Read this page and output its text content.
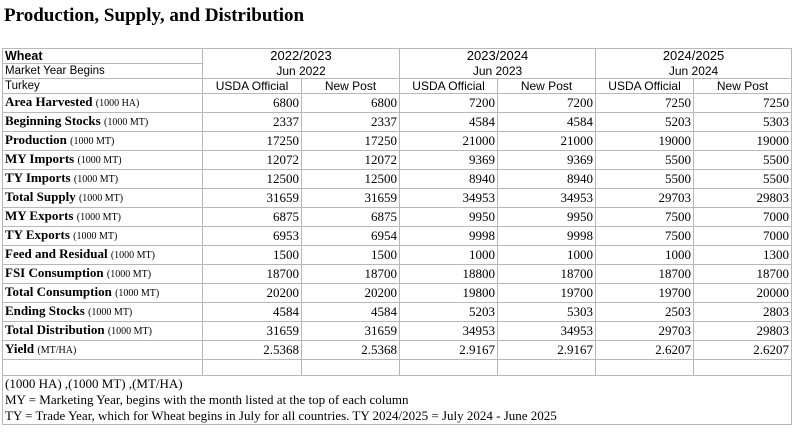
Production, Supply, and Distribution
Wheat	2022/2023		2023/2024		2024/2025	
Market Year Begins	Jun 2022		Jun 2023		Jun 2024	
Turkey	USDA Official	New Post	USDA Official	New Post	USDA Official	New Post
Area Harvested (1000 HA)	6800	6800	7200	7200	7250	7250
Beginning Stocks (1000 MT)	2337	2337	4584	4584	5203	5303
Production (1000 MT)	17250	17250	21000	21000	19000	19000
MY Imports (1000 MT)	12072	12072	9369	9369	5500	5500
TY Imports (1000 MT)	12500	12500	8940	8940	5500	5500
Total Supply (1000 MT)	31659	31659	34953	34953	29703	29803
MY Exports (1000 MT)	6875	6875	9950	9950	7500	7000
TY Exports (1000 MT)	6953	6954	9998	9998	7500	7000
Feed and Residual (1000 MT)	1500	1500	1000	1000	1000	1300
FSI Consumption (1000 MT)	18700	18700	18800	18700	18700	18700
Total Consumption (1000 MT)	20200	20200	19800	19700	19700	20000
Ending Stocks (1000 MT)	4584	4584	5203	5303	2503	2803
Total Distribution (1000 MT)	31659	31659	34953	34953	29703	29803
Yield (MT/HA)	2.5368	2.5368	2.9167	2.9167	2.6207	2.6207

(1000 HA) ,(1000 MT) ,(MT/HA)						
MY = Marketing Year, begins with the month listed at the top of each column						
TY = Trade Year, which for Wheat begins in July for all countries. TY 2024/2025 = July 2024 - June 2025						
